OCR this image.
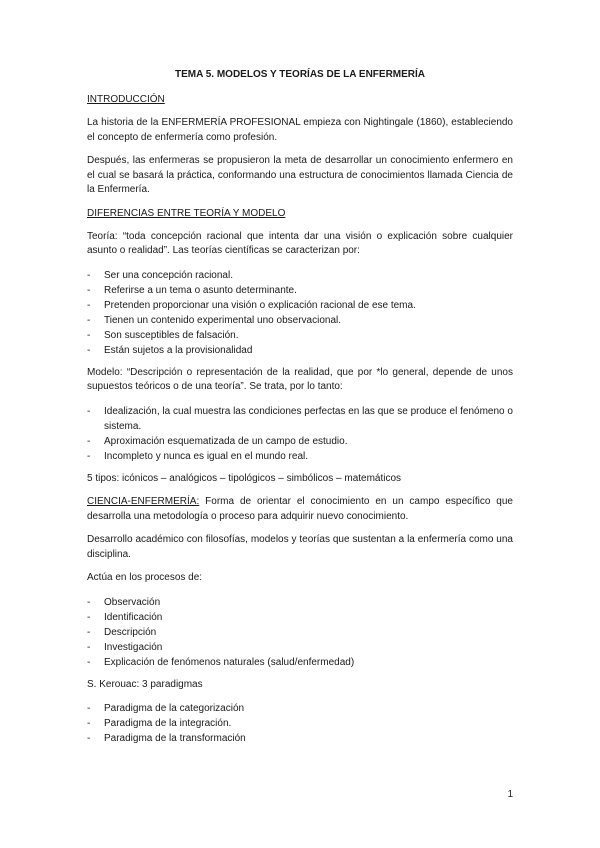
TEMA 5. MODELOS Y TEORÍAS DE LA ENFERMERÍA
INTRODUCCIÓN

La historia de la ENFERMERÍA PROFESIONAL empieza con Nightingale (1860), estableciendo el concepto de enfermería como profesión.

Después, las enfermeras se propusieron la meta de desarrollar un conocimiento enfermero en el cual se basará la práctica, conformando una estructura de conocimientos llamada Ciencia de la Enfermería.

DIFERENCIAS ENTRE TEORÍA Y MODELO

Teoría: “toda concepción racional que intenta dar una visión o explicación sobre cualquier asunto o realidad”. Las teorías científicas se caracterizan por:

- Ser una concepción racional.
- Referirse a un tema o asunto determinante.
- Pretenden proporcionar una visión o explicación racional de ese tema.
- Tienen un contenido experimental uno observacional.
- Son susceptibles de falsación.
- Están sujetos a la provisionalidad

Modelo: “Descripción o representación de la realidad, que por *lo general, depende de unos supuestos teóricos o de una teoría”. Se trata, por lo tanto:

- Idealización, la cual muestra las condiciones perfectas en las que se produce el fenómeno o sistema.
- Aproximación esquematizada de un campo de estudio.
- Incompleto y nunca es igual en el mundo real.

5 tipos: icónicos – analógicos – tipológicos – simbólicos – matemáticos

CIENCIA-ENFERMERÍA: Forma de orientar el conocimiento en un campo específico que desarrolla una metodología o proceso para adquirir nuevo conocimiento.

Desarrollo académico con filosofías, modelos y teorías que sustentan a la enfermería como una disciplina.

Actúa en los procesos de:

- Observación
- Identificación
- Descripción
- Investigación
- Explicación de fenómenos naturales (salud/enfermedad)

S. Kerouac: 3 paradigmas

- Paradigma de la categorización
- Paradigma de la integración.
- Paradigma de la transformación
1
